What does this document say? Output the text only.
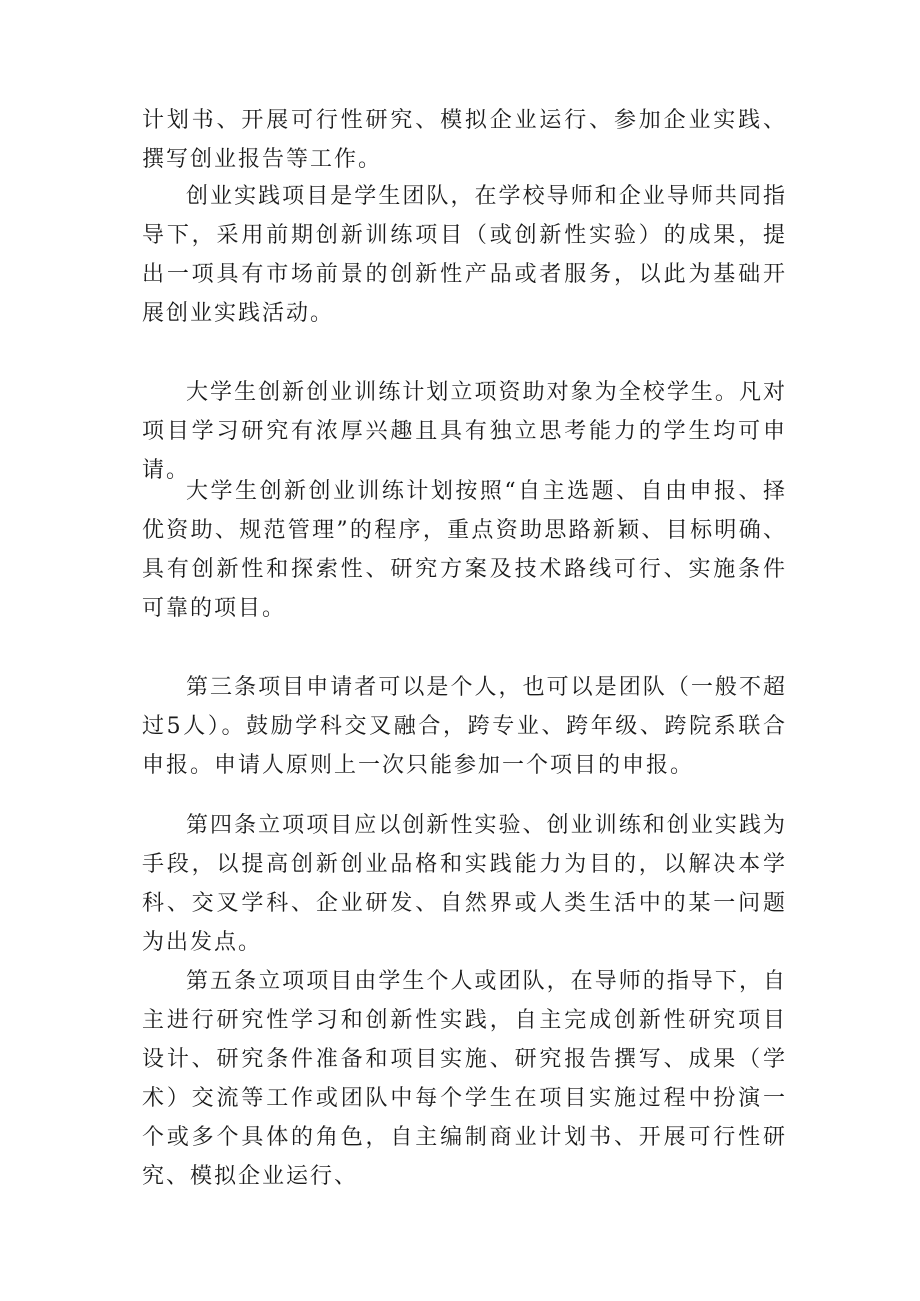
计划书、开展可行性研究、模拟企业运行、参加企业实践、撰写创业报告等工作。

创业实践项目是学生团队，在学校导师和企业导师共同指导下，采用前期创新训练项目（或创新性实验）的成果，提出一项具有市场前景的创新性产品或者服务，以此为基础开展创业实践活动。

大学生创新创业训练计划立项资助对象为全校学生。凡对项目学习研究有浓厚兴趣且具有独立思考能力的学生均可申请。

大学生创新创业训练计划按照“自主选题、自由申报、择优资助、规范管理”的程序，重点资助思路新颖、目标明确、具有创新性和探索性、研究方案及技术路线可行、实施条件可靠的项目。

第三条项目申请者可以是个人，也可以是团队（一般不超过5人）。鼓励学科交叉融合，跨专业、跨年级、跨院系联合申报。申请人原则上一次只能参加一个项目的申报。

第四条立项项目应以创新性实验、创业训练和创业实践为手段，以提高创新创业品格和实践能力为目的，以解决本学科、交叉学科、企业研发、自然界或人类生活中的某一问题为出发点。

第五条立项项目由学生个人或团队，在导师的指导下，自主进行研究性学习和创新性实践，自主完成创新性研究项目设计、研究条件准备和项目实施、研究报告撰写、成果（学术）交流等工作或团队中每个学生在项目实施过程中扮演一个或多个具体的角色，自主编制商业计划书、开展可行性研究、模拟企业运行、
